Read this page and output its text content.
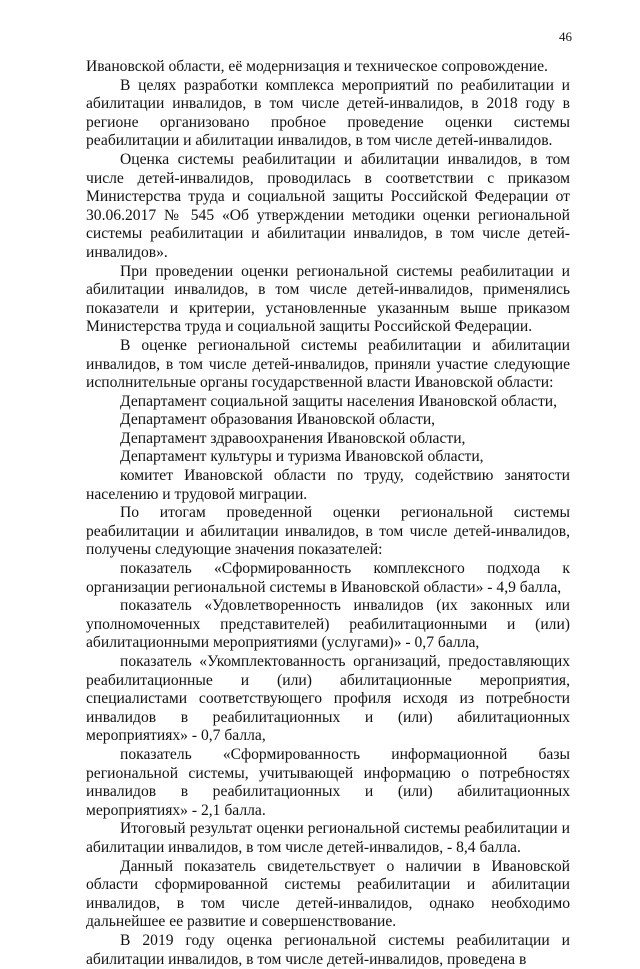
46

Ивановской области, её модернизация и техническое сопровождение.

В целях разработки комплекса мероприятий по реабилитации и абилитации инвалидов, в том числе детей-инвалидов, в 2018 году в регионе организовано пробное проведение оценки системы реабилитации и абилитации инвалидов, в том числе детей-инвалидов.

Оценка системы реабилитации и абилитации инвалидов, в том числе детей-инвалидов, проводилась в соответствии с приказом Министерства труда и социальной защиты Российской Федерации от 30.06.2017 № 545 «Об утверждении методики оценки региональной системы реабилитации и абилитации инвалидов, в том числе детей-инвалидов».

При проведении оценки региональной системы реабилитации и абилитации инвалидов, в том числе детей-инвалидов, применялись показатели и критерии, установленные указанным выше приказом Министерства труда и социальной защиты Российской Федерации.

В оценке региональной системы реабилитации и абилитации инвалидов, в том числе детей-инвалидов, приняли участие следующие исполнительные органы государственной власти Ивановской области:

Департамент социальной защиты населения Ивановской области,

Департамент образования Ивановской области,

Департамент здравоохранения Ивановской области,

Департамент культуры и туризма Ивановской области,

комитет Ивановской области по труду, содействию занятости населению и трудовой миграции.

По итогам проведенной оценки региональной системы реабилитации и абилитации инвалидов, в том числе детей-инвалидов, получены следующие значения показателей:

показатель «Сформированность комплексного подхода к организации региональной системы в Ивановской области» - 4,9 балла,

показатель «Удовлетворенность инвалидов (их законных или уполномоченных представителей) реабилитационными и (или) абилитационными мероприятиями (услугами)» - 0,7 балла,

показатель «Укомплектованность организаций, предоставляющих реабилитационные и (или) абилитационные мероприятия, специалистами соответствующего профиля исходя из потребности инвалидов в реабилитационных и (или) абилитационных мероприятиях» - 0,7 балла,

показатель «Сформированность информационной базы региональной системы, учитывающей информацию о потребностях инвалидов в реабилитационных и (или) абилитационных мероприятиях» - 2,1 балла.

Итоговый результат оценки региональной системы реабилитации и абилитации инвалидов, в том числе детей-инвалидов, - 8,4 балла.

Данный показатель свидетельствует о наличии в Ивановской области сформированной системы реабилитации и абилитации инвалидов, в том числе детей-инвалидов, однако необходимо дальнейшее ее развитие и совершенствование.

В 2019 году оценка региональной системы реабилитации и абилитации инвалидов, в том числе детей-инвалидов, проведена в
